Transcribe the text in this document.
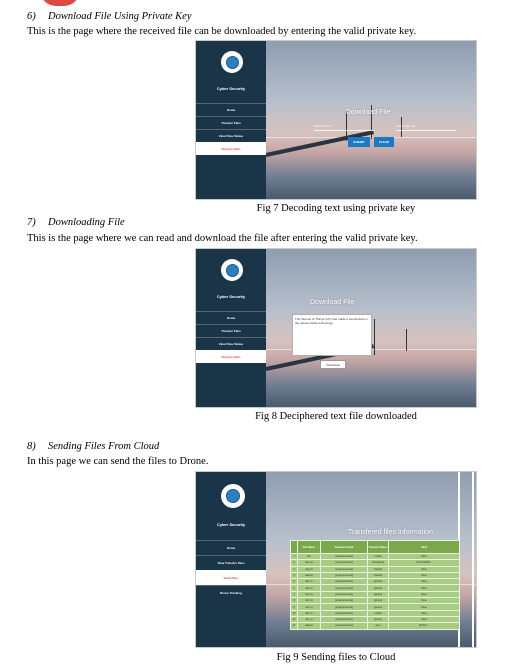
6) Download File Using Private Key
This is the page where the received file can be downloaded by entering the valid private key.
Cyber Security
Home
Transfer Files
View Files Status
Receive Files
Download File
Enter file name	Enter private key
SUBMIT	CLEAR
Fig 7 Decoding text using private key
7) Downloading File
This is the page where we can read and download the file after entering the valid private key.
Cyber Security
Home
Transfer Files
View Files Status
Receive Files
Download File
The Internet of Things (IoT) has made a tremendous in the various fields technology
Download
Fig 8 Deciphered text file downloaded
8) Sending Files From Cloud
In this page we can send the files to Drone.
Cyber Security
Home
View Transfer Files
Send Files
Drone Tracking
Transfered files Information
	File Name	Receiver Email	Transfer Status	Hash
1	abc	[email protected]	Invalid	None
2	files.txt	[email protected]	Transferred	d7f7c1d2f3f4...
3	app.txt	[email protected]	Transfer	None
4	data.txt	[email protected]	Transfer	None
5	abc.txt	[email protected]	Ignored	None
6	abc.txt	[email protected]	Ignored	None
7	abc.txt	[email protected]	Ignored	None
8	abc.txt	[email protected]	Ignored	None
9	abc.txt	[email protected]	Ignored	None
10	abc.txt	[email protected]	Invalid	None
11	abc.txt	[email protected]	Ignored	None
12	data.txt	[email protected]	Sent	8e1b7e...
Fig 9 Sending files to Cloud
